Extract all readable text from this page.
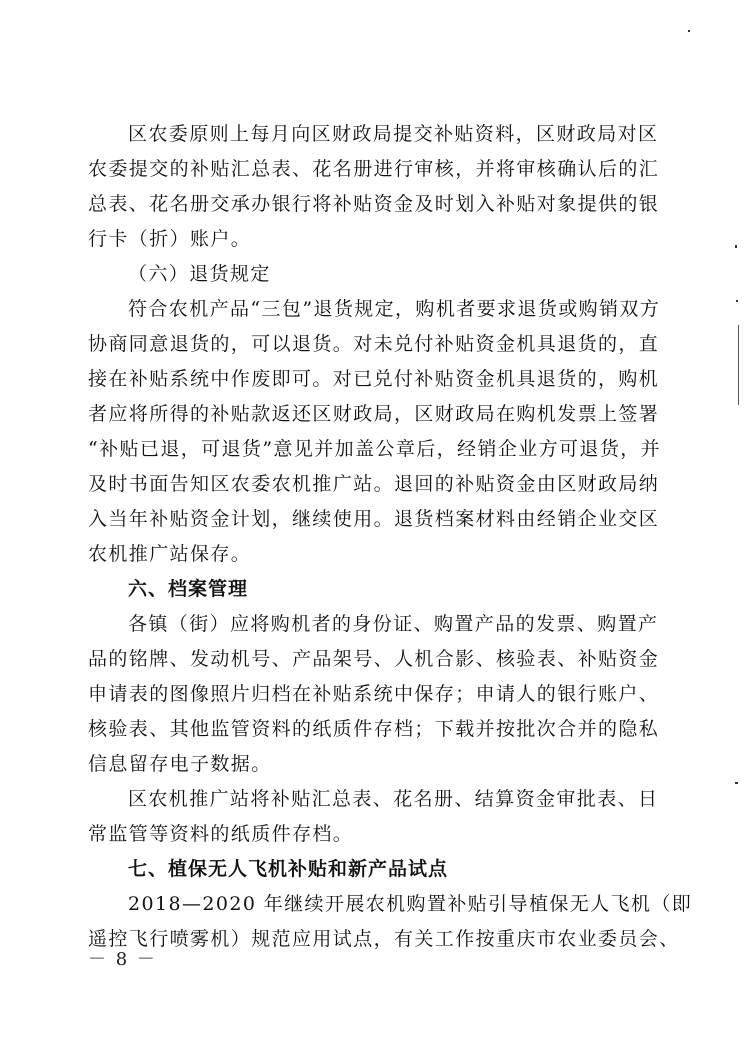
区农委原则上每月向区财政局提交补贴资料，区财政局对区
农委提交的补贴汇总表、花名册进行审核，并将审核确认后的汇
总表、花名册交承办银行将补贴资金及时划入补贴对象提供的银
行卡（折）账户。
（六）退货规定
符合农机产品“三包”退货规定，购机者要求退货或购销双方
协商同意退货的，可以退货。对未兑付补贴资金机具退货的，直
接在补贴系统中作废即可。对已兑付补贴资金机具退货的，购机
者应将所得的补贴款返还区财政局，区财政局在购机发票上签署
“补贴已退，可退货”意见并加盖公章后，经销企业方可退货，并
及时书面告知区农委农机推广站。退回的补贴资金由区财政局纳
入当年补贴资金计划，继续使用。退货档案材料由经销企业交区
农机推广站保存。
六、档案管理
各镇（街）应将购机者的身份证、购置产品的发票、购置产
品的铭牌、发动机号、产品架号、人机合影、核验表、补贴资金
申请表的图像照片归档在补贴系统中保存；申请人的银行账户、
核验表、其他监管资料的纸质件存档；下载并按批次合并的隐私
信息留存电子数据。
区农机推广站将补贴汇总表、花名册、结算资金审批表、日
常监管等资料的纸质件存档。
七、植保无人飞机补贴和新产品试点
2018—2020 年继续开展农机购置补贴引导植保无人飞机（即
遥控飞行喷雾机）规范应用试点，有关工作按重庆市农业委员会、
－ 8 －
